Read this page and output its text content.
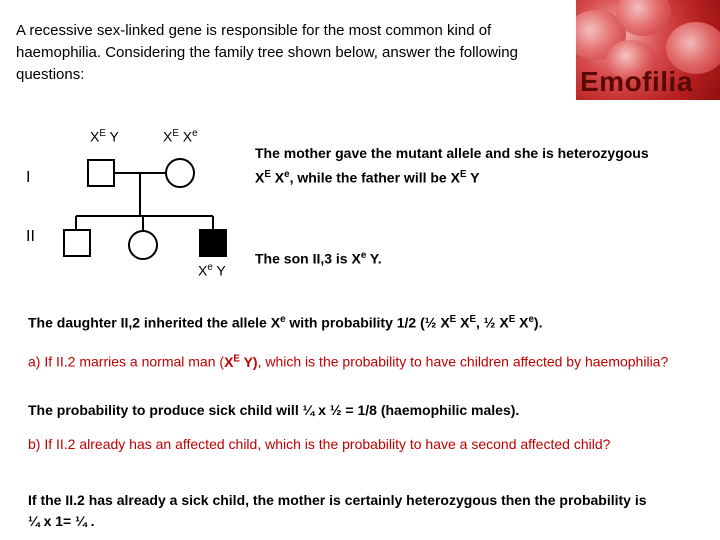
A recessive sex-linked gene is responsible for the most common kind of haemophilia. Considering the family tree shown below, answer the following questions:	Emofilia
I
II
$X^E$ Y	$X^E$ Xe
Xe Y
The mother gave the mutant allele and she is heterozygous
$X^E$ Xe, while the father will be $X^E$ Y
The son II,3 is Xe Y.
The daughter II,2 inherited the allele Xe with probability 1/2 (½ $X^E$ $X^E$, ½ $X^E$ Xe).
a) If II.2 marries a normal man ($X^E$ Y), which is the probability to have children affected by haemophilia?
The probability to produce sick child will ¼ x ½ = 1/8 (haemophilic males).
b) If II.2 already has an affected child, which is the probability to have a second affected child?
If the II.2 has already a sick child, the mother is certainly heterozygous then the probability is ¼ x 1= ¼ .
